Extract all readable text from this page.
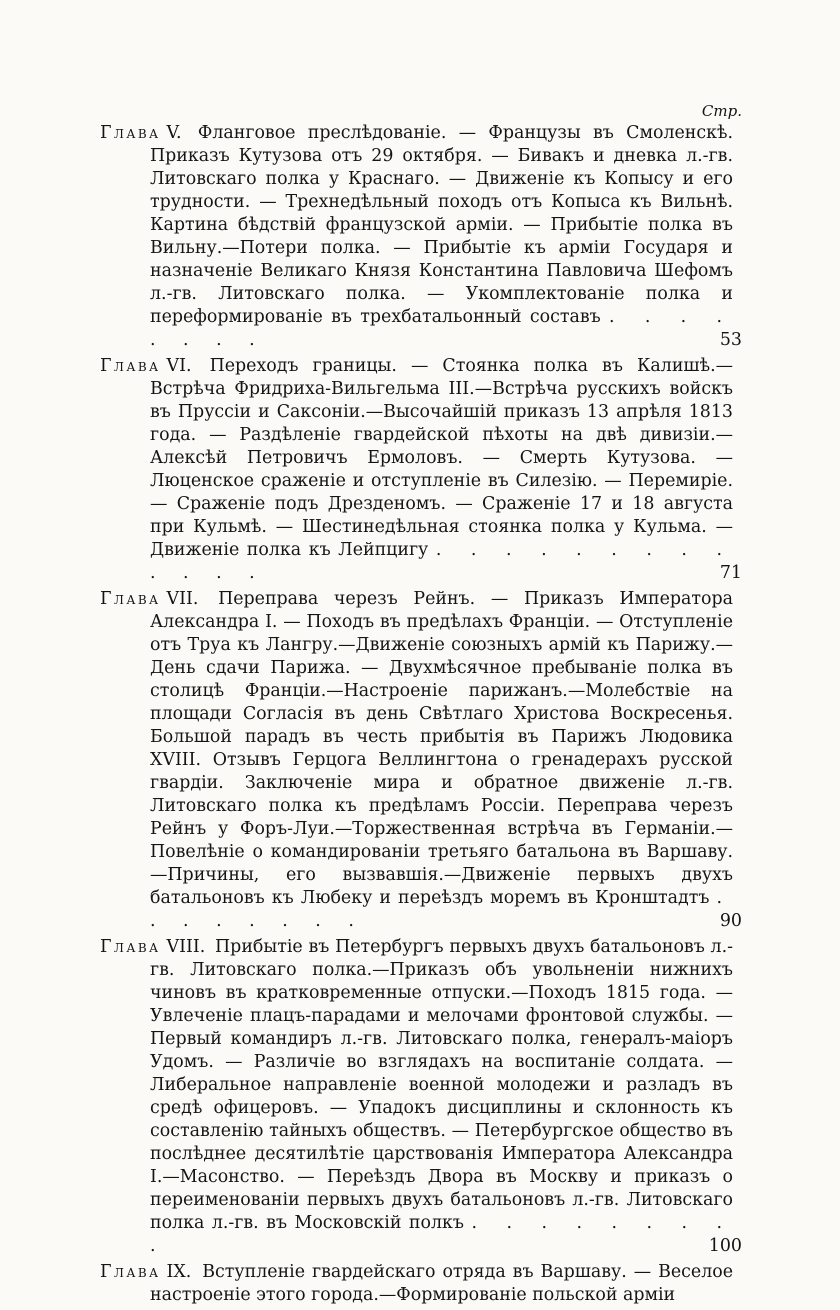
Стр.
Глава V. Фланговое преслѣдованіе. — Французы въ Смоленскѣ. Приказъ Кутузова отъ 29 октября. — Бивакъ и дневка л.-гв. Литовскаго полка у Краснаго. — Движеніе къ Копысу и его трудности. — Трехнедѣльный походъ отъ Копыса къ Вильнѣ. Картина бѣдствій французской арміи. — Прибытіе полка въ Вильну.—Потери полка. — Прибытіе къ арміи Государя и назначеніе Великаго Князя Константина Павловича Шефомъ л.-гв. Литовскаго полка. — Укомплектованіе полка и переформированіе въ трехбатальонный составъ . . . . . . . .	53
Глава VI. Переходъ границы. — Стоянка полка въ Калишѣ.— Встрѣча Фридриха-Вильгельма III.—Встрѣча русскихъ войскъ въ Пруссіи и Саксоніи.—Высочайшій приказъ 13 апрѣля 1813 года. — Раздѣленіе гвардейской пѣхоты на двѣ дивизіи.— Алексѣй Петровичъ Ермоловъ. — Смерть Кутузова. — Люценское сраженіе и отступленіе въ Силезію. — Перемиріе. — Сраженіе подъ Дрезденомъ. — Сраженіе 17 и 18 августа при Кульмѣ. — Шестинедѣльная стоянка полка у Кульма. — Движеніе полка къ Лейпцигу . . . . . . . . . . . . .	71
Глава VII. Переправа черезъ Рейнъ. — Приказъ Императора Александра I. — Походъ въ предѣлахъ Франціи. — Отступленіе отъ Труа къ Лангру.—Движеніе союзныхъ армій къ Парижу.—День сдачи Парижа. — Двухмѣсячное пребываніе полка въ столицѣ Франціи.—Настроеніе парижанъ.—Молебствіе на площади Согласія въ день Свѣтлаго Христова Воскресенья. Большой парадъ въ честь прибытія въ Парижъ Людовика XVIII. Отзывъ Герцога Веллингтона о гренадерахъ русской гвардіи. Заключеніе мира и обратное движеніе л.-гв. Литовскаго полка къ предѣламъ Россіи. Переправа черезъ Рейнъ у Форъ-Луи.—Торжественная встрѣча въ Германіи.—Повелѣніе о командированіи третьяго батальона въ Варшаву.—Причины, его вызвавшія.—Движеніе первыхъ двухъ батальоновъ къ Любеку и переѣздъ моремъ въ Кронштадтъ . . . . . . . .	90
Глава VIII. Прибытіе въ Петербургъ первыхъ двухъ батальоновъ л.-гв. Литовскаго полка.—Приказъ объ увольненіи нижнихъ чиновъ въ кратковременные отпуски.—Походъ 1815 года. — Увлеченіе плацъ-парадами и мелочами фронтовой службы. — Первый командиръ л.-гв. Литовскаго полка, генералъ-маіоръ Удомъ. — Различіе во взглядахъ на воспитаніе солдата. — Либеральное направленіе военной молодежи и разладъ въ средѣ офицеровъ. — Упадокъ дисциплины и склонность къ составленію тайныхъ обществъ. — Петербургское общество въ послѣднее десятилѣтіе царствованія Императора Александра I.—Масонство. — Переѣздъ Двора въ Москву и приказъ о переименованіи первыхъ двухъ батальоновъ л.-гв. Литовскаго полка л.-гв. въ Московскій полкъ . . . . . . . . .	100
Глава IX. Вступленіе гвардейскаго отряда въ Варшаву. — Веселое настроеніе этого города.—Формированіе польской арміи
